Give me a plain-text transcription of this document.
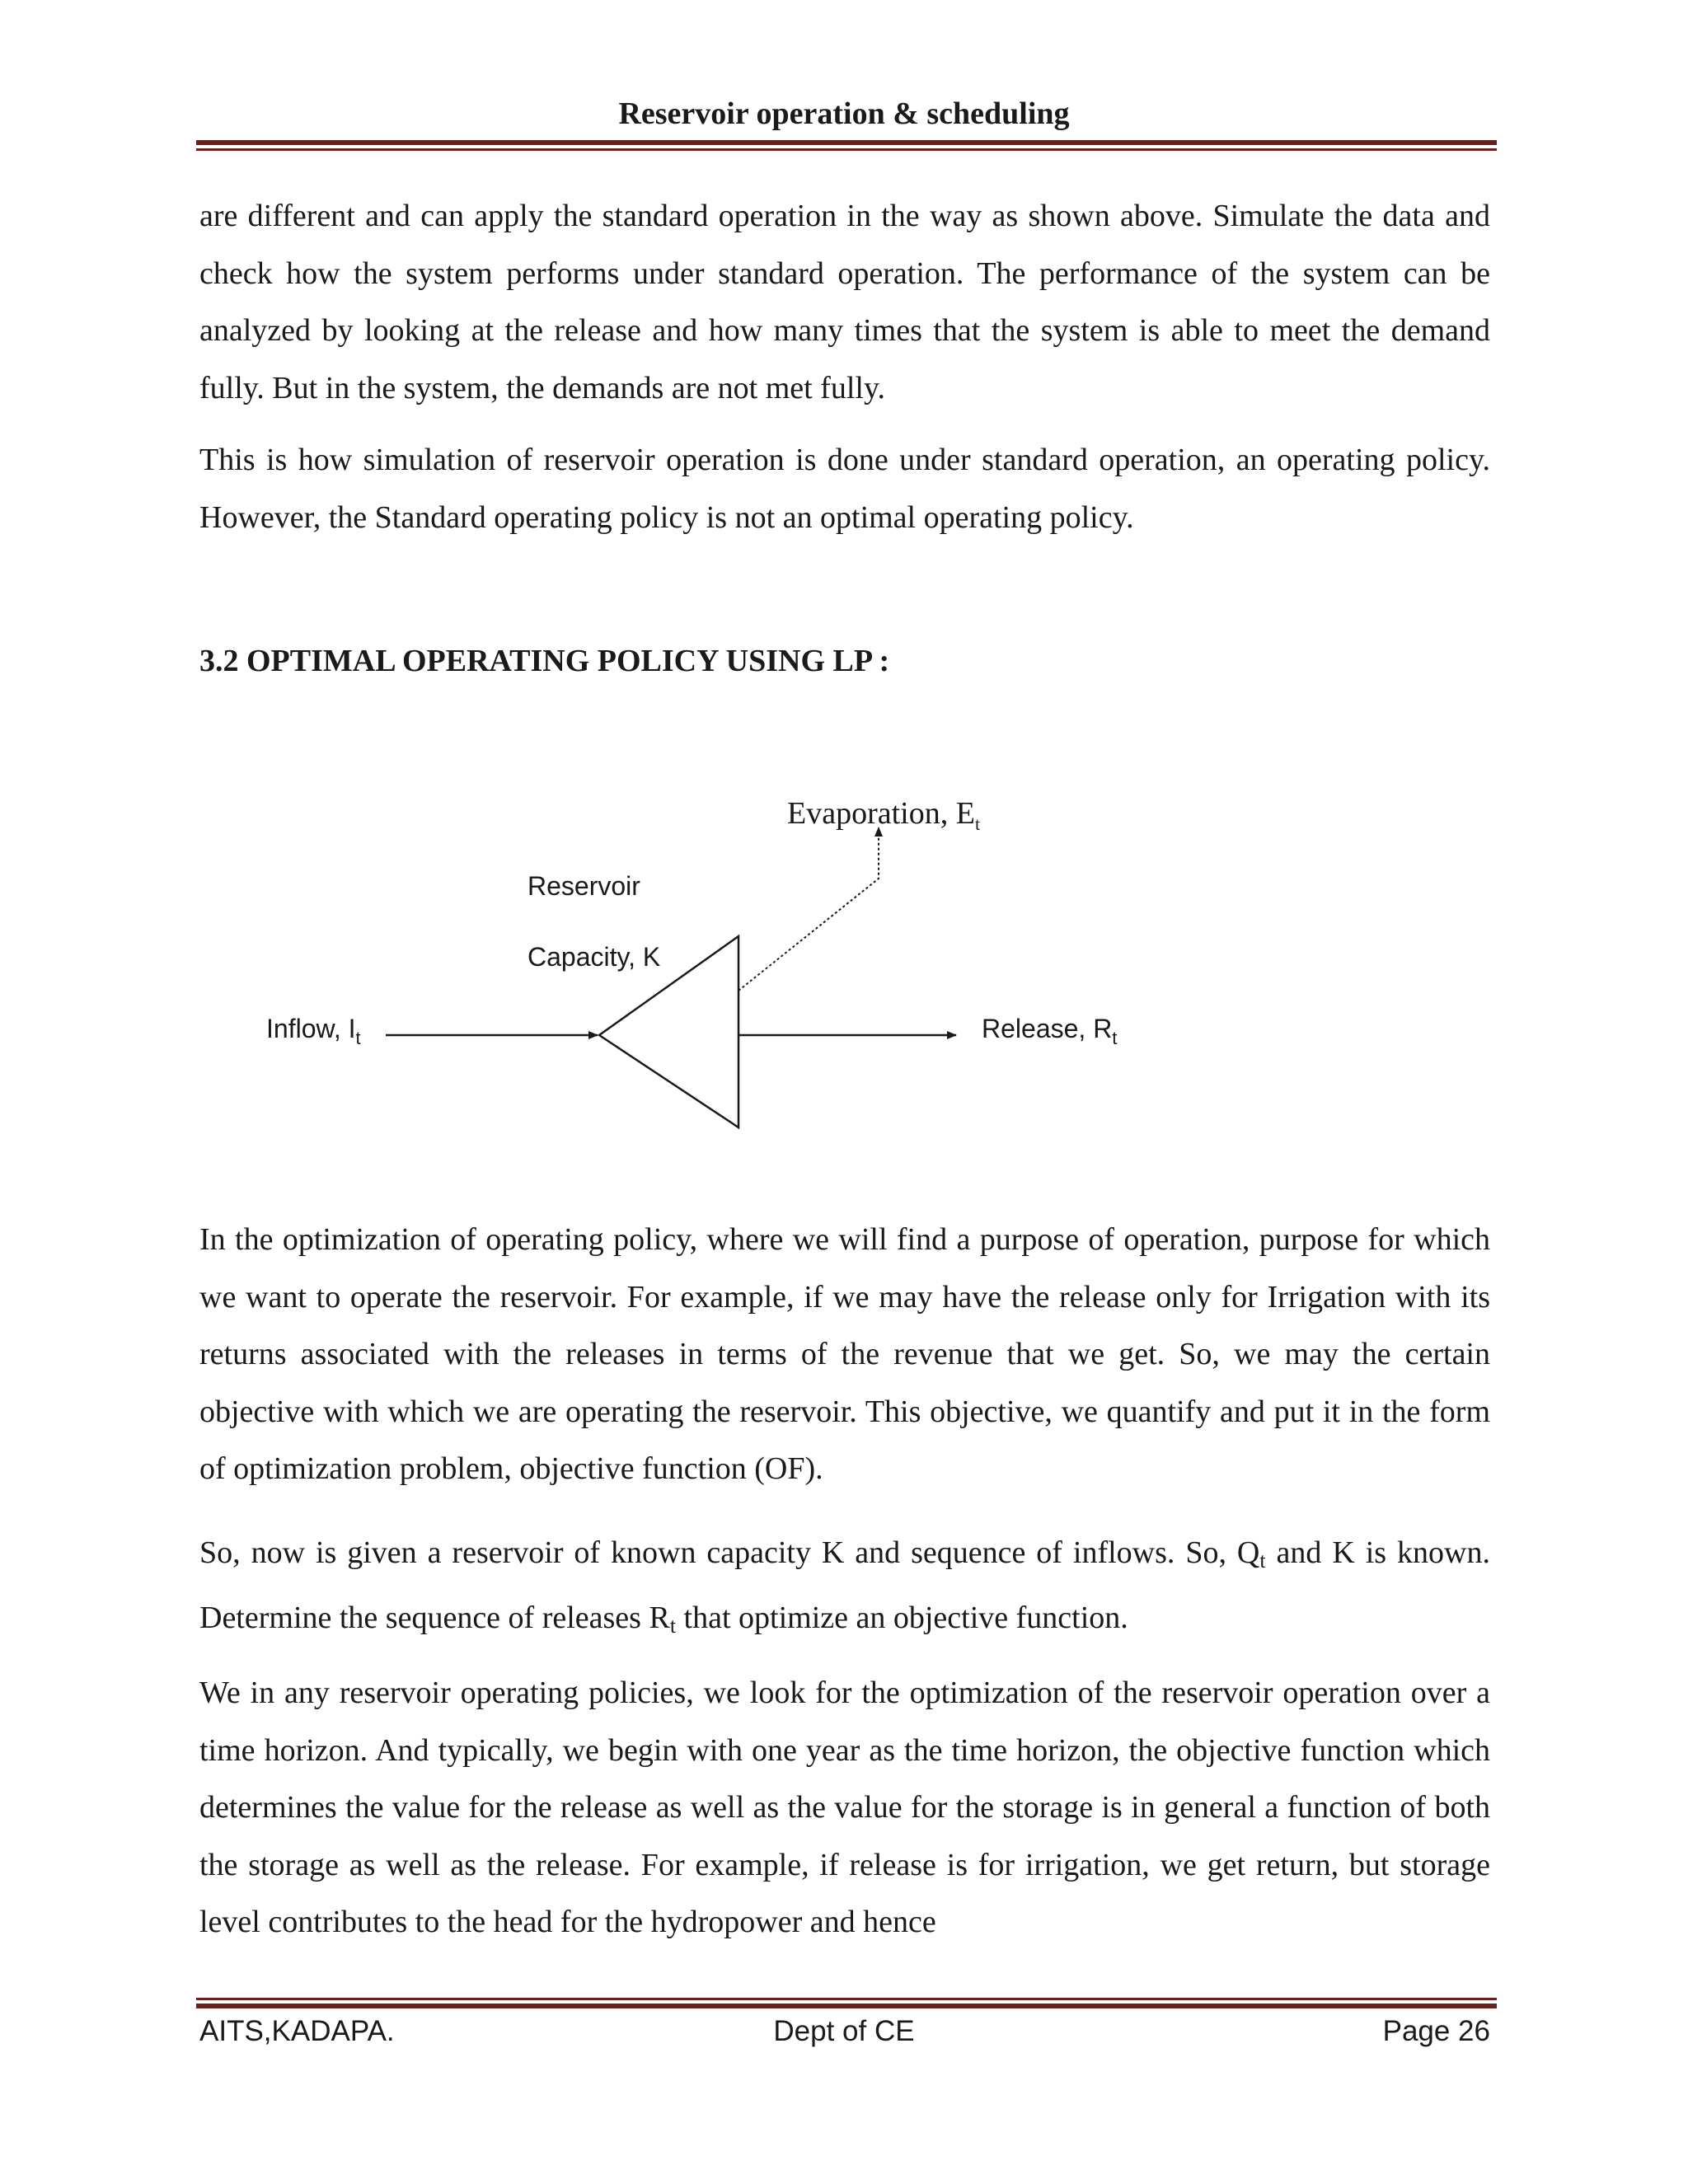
Reservoir operation & scheduling

are different and can apply the standard operation in the way as shown above. Simulate the data and check how the system performs under standard operation. The performance of the system can be analyzed by looking at the release and how many times that the system is able to meet the demand fully. But in the system, the demands are not met fully.

This is how simulation of reservoir operation is done under standard operation, an operating policy. However, the Standard operating policy is not an optimal operating policy.

3.2 OPTIMAL OPERATING POLICY USING LP :
Evaporation, $E_t$
Reservoir
Capacity, K
Inflow, $I_t$	Release, $R_t$

In the optimization of operating policy, where we will find a purpose of operation, purpose for which we want to operate the reservoir. For example, if we may have the release only for Irrigation with its returns associated with the releases in terms of the revenue that we get. So, we may the certain objective with which we are operating the reservoir. This objective, we quantify and put it in the form of optimization problem, objective function (OF).

So, now is given a reservoir of known capacity K and sequence of inflows. So, $Q_t$ and K is known. Determine the sequence of releases $R_t$ that optimize an objective function.

We in any reservoir operating policies, we look for the optimization of the reservoir operation over a time horizon. And typically, we begin with one year as the time horizon, the objective function which determines the value for the release as well as the value for the storage is in general a function of both the storage as well as the release. For example, if release is for irrigation, we get return, but storage level contributes to the head for the hydropower and hence

AITS,KADAPA.	Dept of CE	Page 26
